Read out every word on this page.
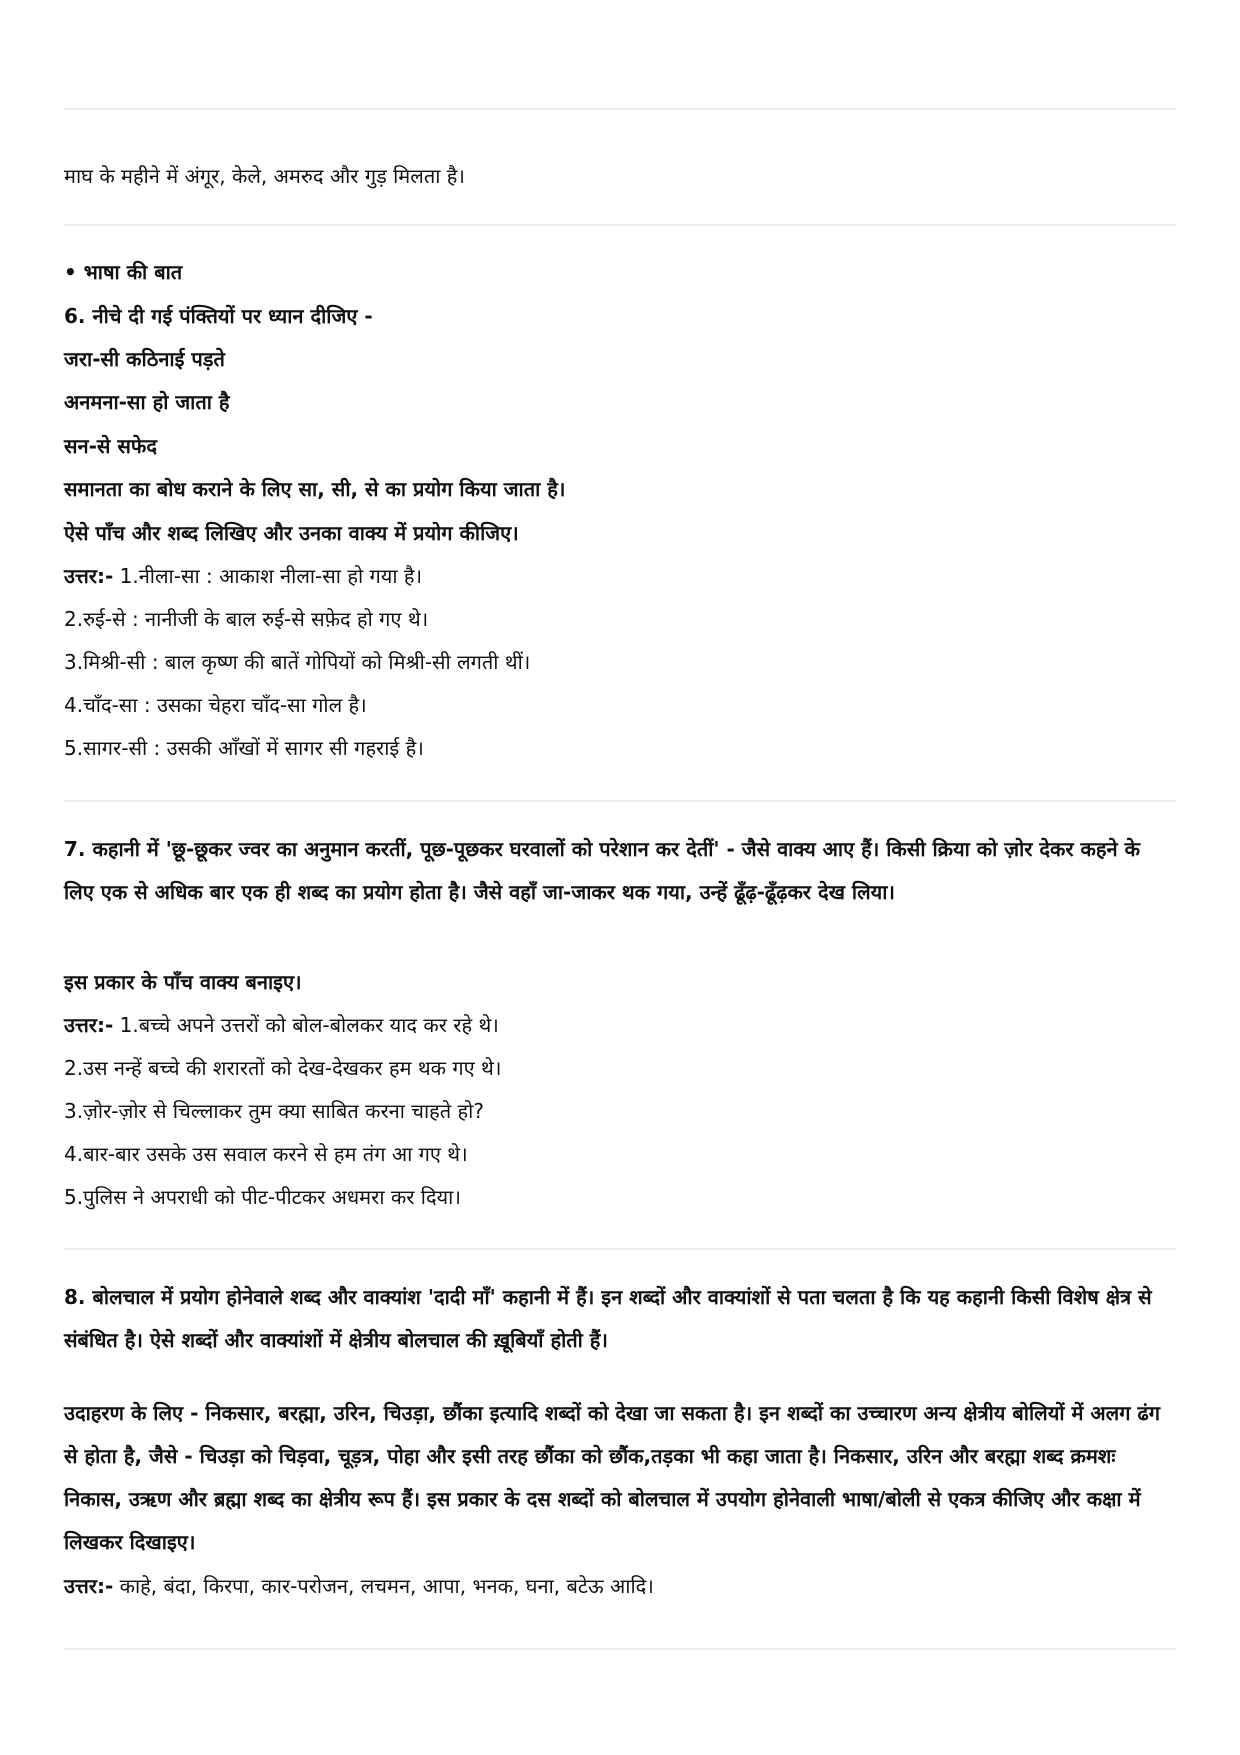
माघ के महीने में अंगूर, केले, अमरुद और गुड़ मिलता है।
• भाषा की बात
6. नीचे दी गई पंक्तियों पर ध्यान दीजिए -
जरा-सी कठिनाई पड़ते
अनमना-सा हो जाता है
सन-से सफेद
समानता का बोध कराने के लिए सा, सी, से का प्रयोग किया जाता है।
ऐसे पाँच और शब्द लिखिए और उनका वाक्य में प्रयोग कीजिए।
उत्तर:- 1.नीला-सा : आकाश नीला-सा हो गया है।
2.रुई-से : नानीजी के बाल रुई-से सफ़ेद हो गए थे।
3.मिश्री-सी : बाल कृष्ण की बातें गोपियों को मिश्री-सी लगती थीं।
4.चाँद-सा : उसका चेहरा चाँद-सा गोल है।
5.सागर-सी : उसकी आँखों में सागर सी गहराई है।
7. कहानी में 'छू-छूकर ज्वर का अनुमान करतीं, पूछ-पूछकर घरवालों को परेशान कर देतीं' - जैसे वाक्य आए हैं। किसी क्रिया को ज़ोर देकर कहने के लिए एक से अधिक बार एक ही शब्द का प्रयोग होता है। जैसे वहाँ जा-जाकर थक गया, उन्हें ढूँढ़-ढूँढ़कर देख लिया।
इस प्रकार के पाँच वाक्य बनाइए।
उत्तर:- 1.बच्चे अपने उत्तरों को बोल-बोलकर याद कर रहे थे।
2.उस नन्हें बच्चे की शरारतों को देख-देखकर हम थक गए थे।
3.ज़ोर-ज़ोर से चिल्लाकर तुम क्या साबित करना चाहते हो?
4.बार-बार उसके उस सवाल करने से हम तंग आ गए थे।
5.पुलिस ने अपराधी को पीट-पीटकर अधमरा कर दिया।
8. बोलचाल में प्रयोग होनेवाले शब्द और वाक्यांश 'दादी माँ' कहानी में हैं। इन शब्दों और वाक्यांशों से पता चलता है कि यह कहानी किसी विशेष क्षेत्र से संबंधित है। ऐसे शब्दों और वाक्यांशों में क्षेत्रीय बोलचाल की ख़ूबियाँ होती हैं।
उदाहरण के लिए - निकसार, बरह्मा, उरिन, चिउड़ा, छौंका इत्यादि शब्दों को देखा जा सकता है। इन शब्दों का उच्चारण अन्य क्षेत्रीय बोलियों में अलग ढंग से होता है, जैसे - चिउड़ा को चिड़वा, चूड़त्र, पोहा और इसी तरह छौंका को छौंक,तड़का भी कहा जाता है। निकसार, उरिन और बरह्मा शब्द क्रमशः निकास, उऋण और ब्रह्मा शब्द का क्षेत्रीय रूप हैं। इस प्रकार के दस शब्दों को बोलचाल में उपयोग होनेवाली भाषा/बोली से एकत्र कीजिए और कक्षा में लिखकर दिखाइए।
उत्तर:- काहे, बंदा, किरपा, कार-परोजन, लचमन, आपा, भनक, घना, बटेऊ आदि।
